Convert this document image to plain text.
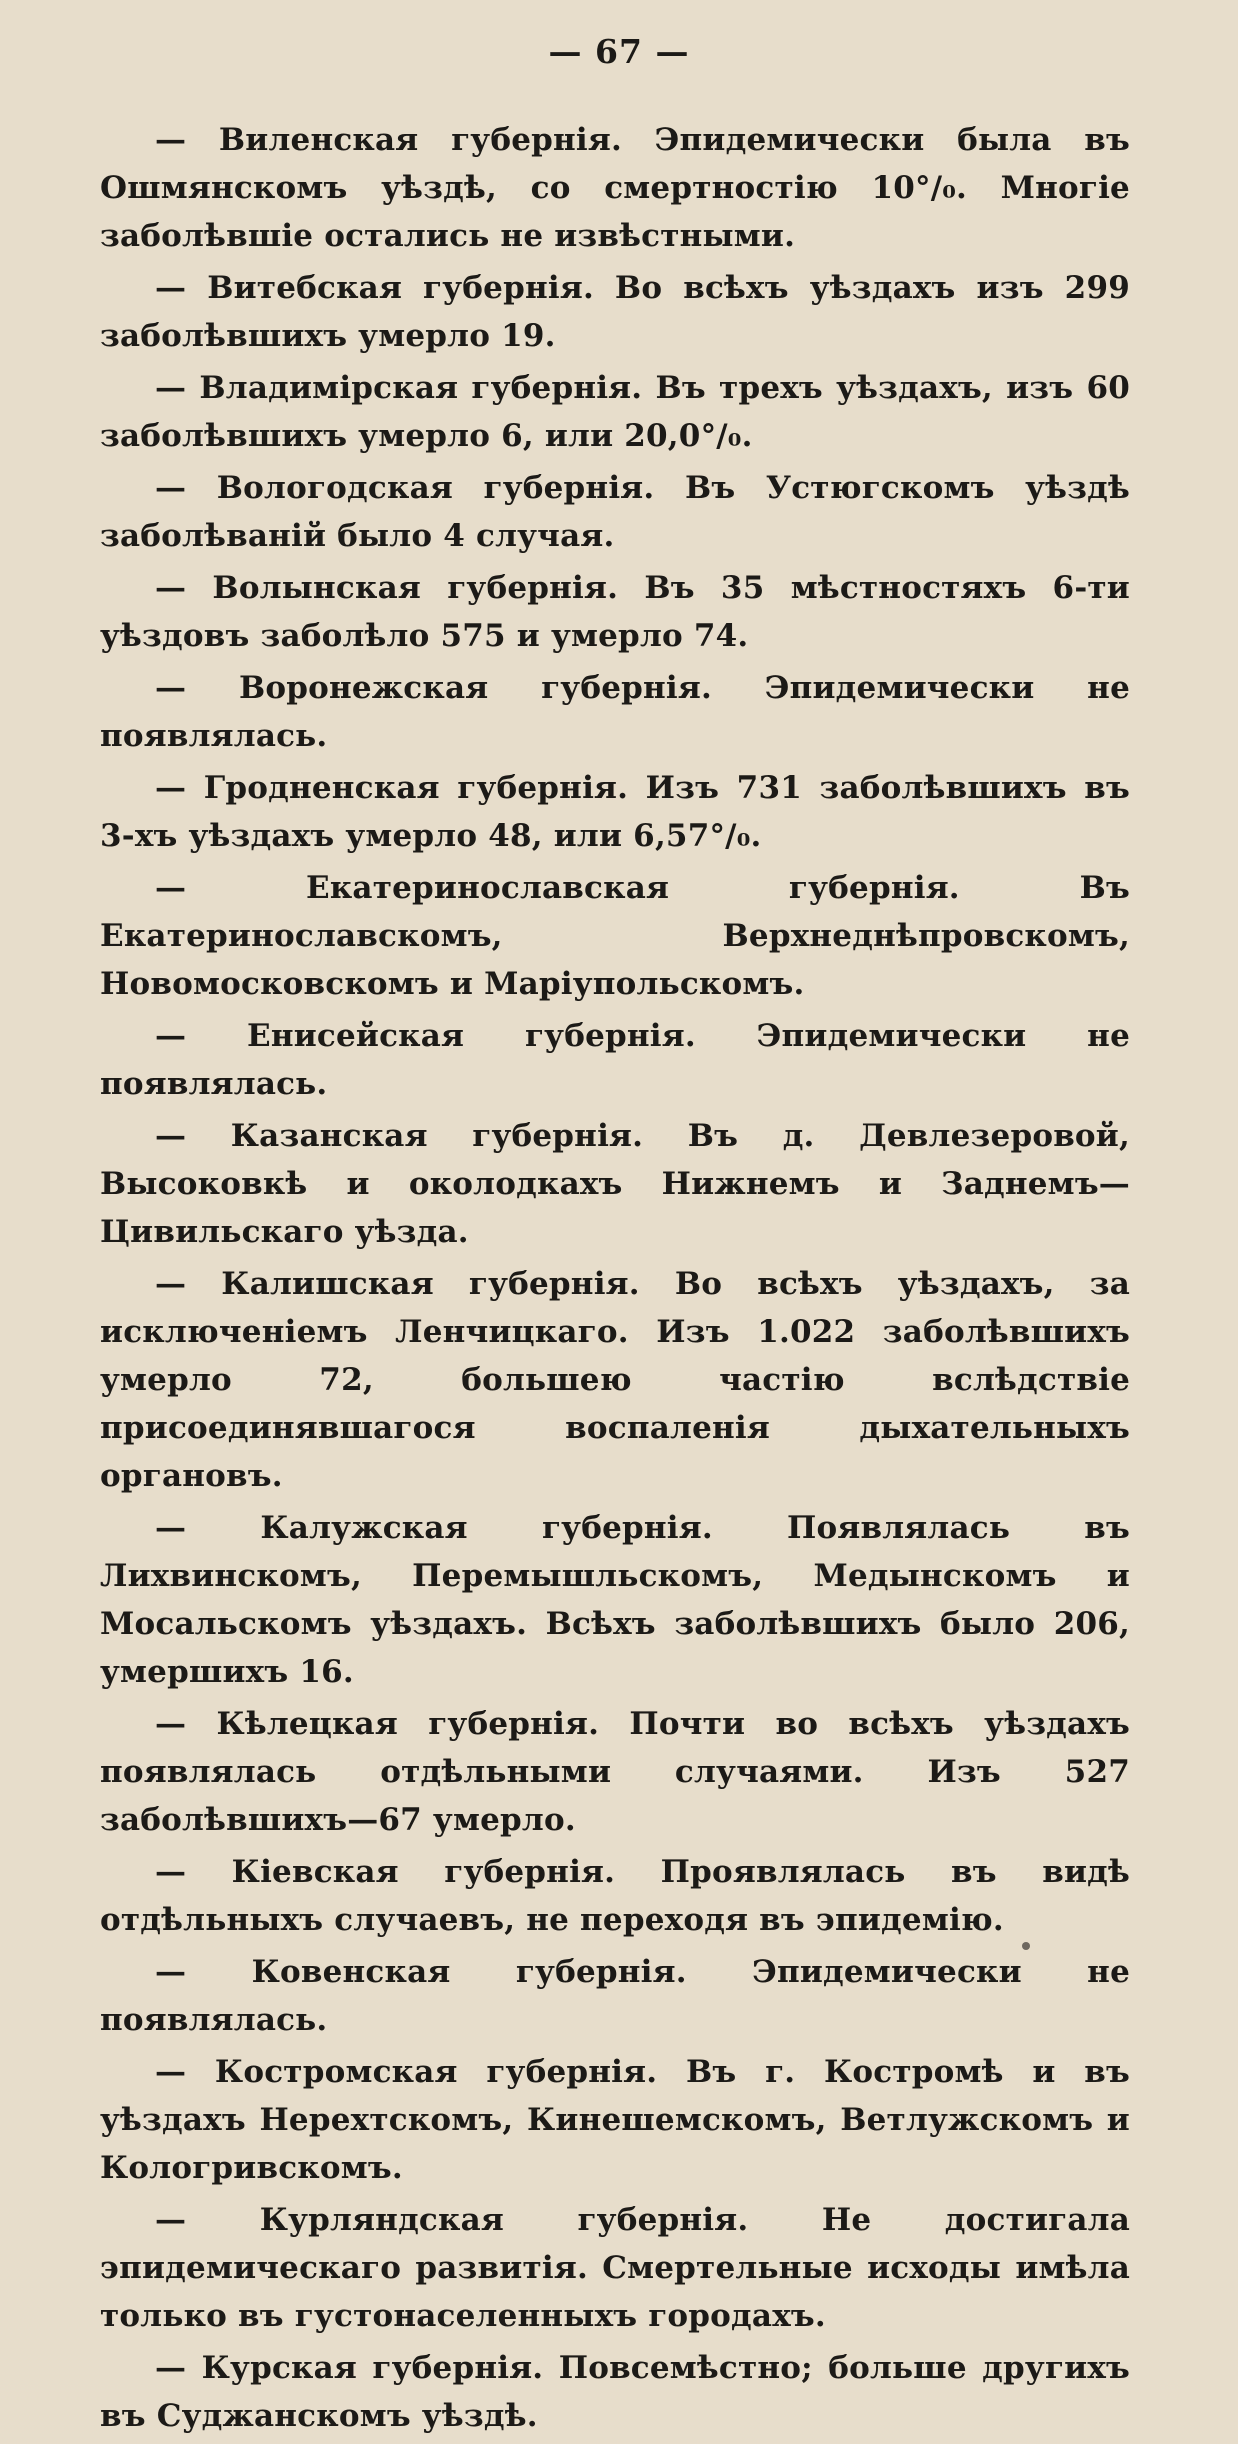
— 67 —

— Виленская губернія. Эпидемически была въ Ошмянскомъ уѣздѣ, со смертностію 10°/₀. Многіе заболѣвшіе остались не извѣстными.

— Витебская губернія. Во всѣхъ уѣздахъ изъ 299 заболѣвшихъ умерло 19.

— Владимірская губернія. Въ трехъ уѣздахъ, изъ 60 заболѣвшихъ умерло 6, или 20,0°/₀.

— Вологодская губернія. Въ Устюгскомъ уѣздѣ заболѣваній было 4 случая.

— Волынская губернія. Въ 35 мѣстностяхъ 6-ти уѣздовъ заболѣло 575 и умерло 74.

— Воронежская губернія. Эпидемически не появлялась.

— Гродненская губернія. Изъ 731 заболѣвшихъ въ 3-хъ уѣздахъ умерло 48, или 6,57°/₀.

— Екатеринославская губернія. Въ Екатеринославскомъ, Верхнеднѣпровскомъ, Новомосковскомъ и Маріупольскомъ.

— Енисейская губернія. Эпидемически не появлялась.

— Казанская губернія. Въ д. Девлезеровой, Высоковкѣ и околодкахъ Нижнемъ и Заднемъ—Цивильскаго уѣзда.

— Калишская губернія. Во всѣхъ уѣздахъ, за исключеніемъ Ленчицкаго. Изъ 1.022 заболѣвшихъ умерло 72, большею частію вслѣдствіе присоединявшагося воспаленія дыхательныхъ органовъ.

— Калужская губернія. Появлялась въ Лихвинскомъ, Перемышльскомъ, Медынскомъ и Мосальскомъ уѣздахъ. Всѣхъ заболѣвшихъ было 206, умершихъ 16.

— Кѣлецкая губернія. Почти во всѣхъ уѣздахъ появлялась отдѣльными случаями. Изъ 527 заболѣвшихъ—67 умерло.

— Кіевская губернія. Проявлялась въ видѣ отдѣльныхъ случаевъ, не переходя въ эпидемію.

— Ковенская губернія. Эпидемически не появлялась.

— Костромская губернія. Въ г. Костромѣ и въ уѣздахъ Нерехтскомъ, Кинешемскомъ, Ветлужскомъ и Кологривскомъ.

— Курляндская губернія. Не достигала эпидемическаго развитія. Смертельные исходы имѣла только въ густонаселенныхъ городахъ.

— Курская губернія. Повсемѣстно; больше другихъ въ Суджанскомъ уѣздѣ.
